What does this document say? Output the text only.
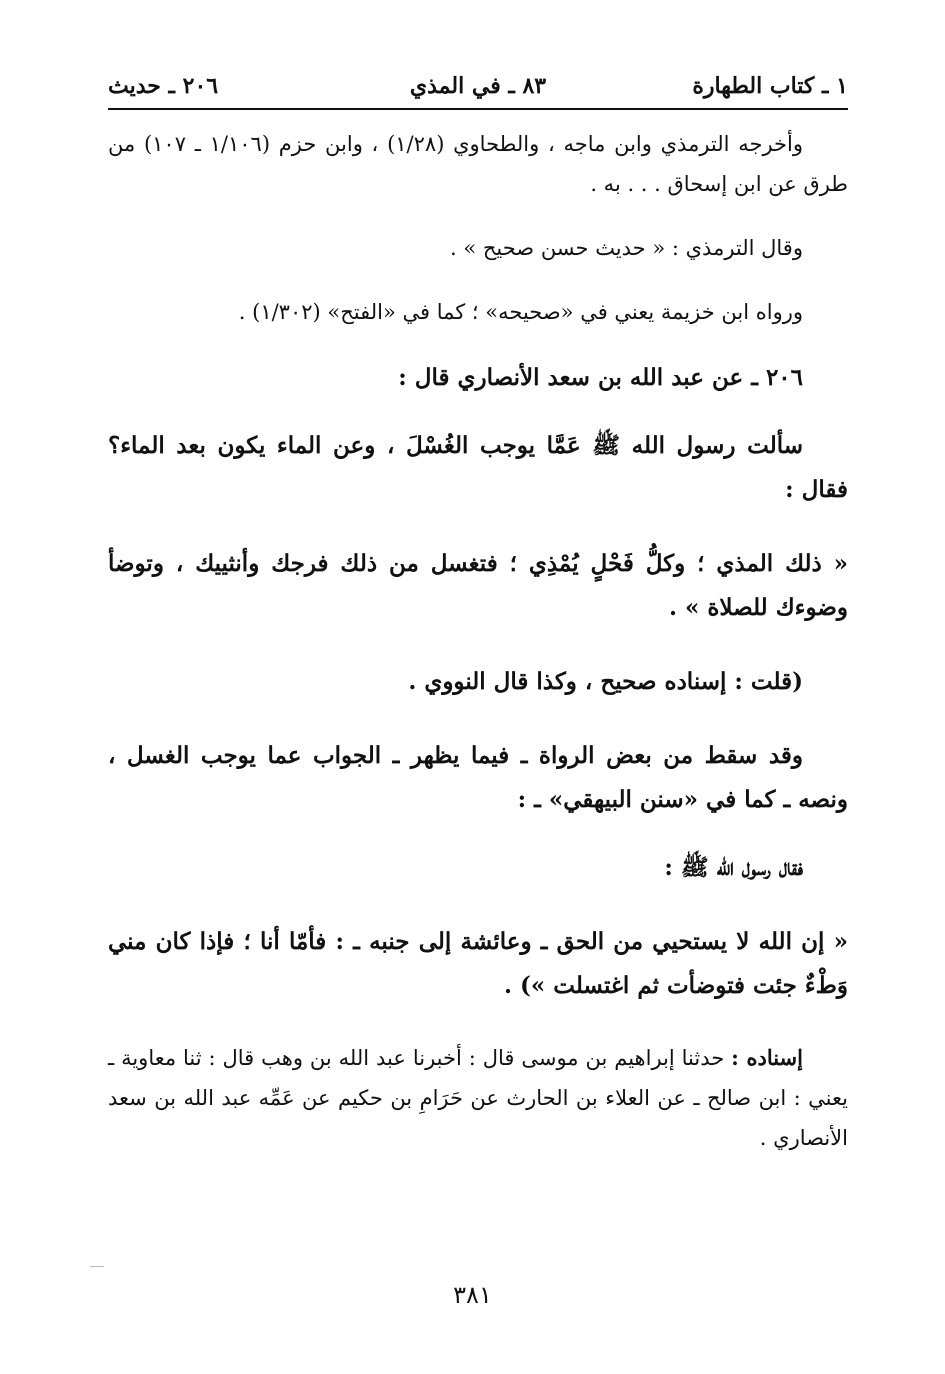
١ ـ كتاب الطهارة
٨٣ ـ في المذي
٢٠٦ ـ حديث

وأخرجه الترمذي وابن ماجه ، والطحاوي (١/٢٨) ، وابن حزم (١/١٠٦ ـ ١٠٧) من طرق عن ابن إسحاق . . . به .

وقال الترمذي : « حديث حسن صحيح » .

ورواه ابن خزيمة يعني في «صحيحه» ؛ كما في «الفتح» (١/٣٠٢) .

٢٠٦ ـ عن عبد الله بن سعد الأنصاري قال :

سألت رسول الله ﷺ عَمَّا يوجب الغُسْلَ ، وعن الماء يكون بعد الماء؟ فقال :

« ذلك المذي ؛ وكلُّ فَحْلٍ يُمْذِي ؛ فتغسل من ذلك فرجك وأنثييك ، وتوضأ وضوءك للصلاة » .

(قلت : إسناده صحيح ، وكذا قال النووي .

وقد سقط من بعض الرواة ـ فيما يظهر ـ الجواب عما يوجب الغسل ، ونصه ـ كما في «سنن البيهقي» ـ :

فقال رسول الله ﷺ :

« إن الله لا يستحيي من الحق ـ وعائشة إلى جنبه ـ : فأمّا أنا ؛ فإذا كان مني وَطْءٌ جئت فتوضأت ثم اغتسلت ») .

إسناده : حدثنا إبراهيم بن موسى قال : أخبرنا عبد الله بن وهب قال : ثنا معاوية ـ يعني : ابن صالح ـ عن العلاء بن الحارث عن حَرَامِ بن حكيم عن عَمِّه عبد الله بن سعد الأنصاري .

٣٨١
